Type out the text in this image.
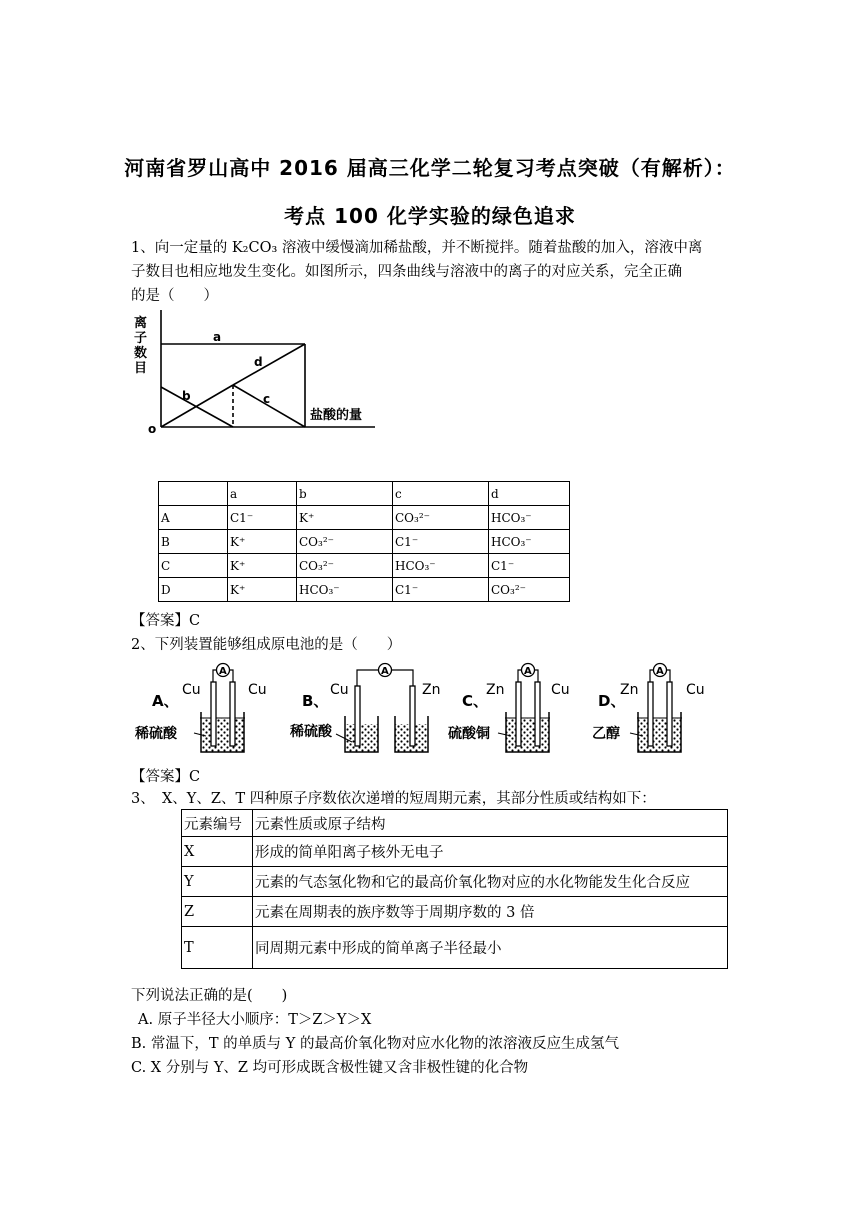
河南省罗山高中 2016 届高三化学二轮复习考点突破（有解析）：
考点 100 化学实验的绿色追求
1、向一定量的 K₂CO₃ 溶液中缓慢滴加稀盐酸，并不断搅拌。随着盐酸的加入，溶液中离
子数目也相应地发生变化。如图所示，四条曲线与溶液中的离子的对应关系，完全正确
的是（　　）
离
子
数
目
o
盐酸的量
a
b	c
d
	a	b	c	d
A	C1⁻	K⁺	CO₃²⁻	HCO₃⁻
B	K⁺	CO₃²⁻	C1⁻	HCO₃⁻
C	K⁺	CO₃²⁻	HCO₃⁻	C1⁻
D	K⁺	HCO₃⁻	C1⁻	CO₃²⁻
【答案】C
2、下列装置能够组成原电池的是（　　）
A、
Cu	Cu
A
稀硫酸
B、
Cu	Zn
A
稀硫酸
C、
Zn	Cu
A
硫酸铜
D、
Zn	Cu
A
乙醇
【答案】C
3、　X、Y、Z、T 四种原子序数依次递增的短周期元素，其部分性质或结构如下：
元素编号	元素性质或原子结构
X	形成的简单阳离子核外无电子
Y	元素的气态氢化物和它的最高价氧化物对应的水化物能发生化合反应
Z	元素在周期表的族序数等于周期序数的 3 倍
T	同周期元素中形成的简单离子半径最小
下列说法正确的是(　　)
A. 原子半径大小顺序：T＞Z＞Y＞X
B. 常温下，T 的单质与 Y 的最高价氧化物对应水化物的浓溶液反应生成氢气
C. X 分别与 Y、Z 均可形成既含极性键又含非极性键的化合物
